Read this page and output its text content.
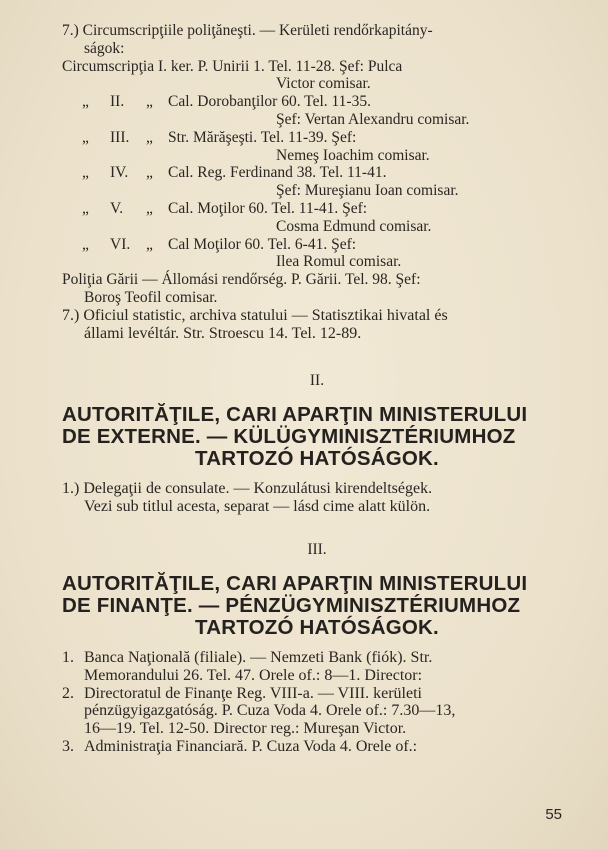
7.) Circumscripţiile poliţăneşti. — Kerületi rendőrkapitány-
ságok:
Circumscripţia I. ker. P. Unirii 1. Tel. 11-28. Şef: Pulca
Victor comisar.
„	II.	„ Cal. Dorobanţilor 60. Tel. 11-35.
Şef: Vertan Alexandru comisar.
„	III.	„ Str. Mărăşeşti. Tel. 11-39. Şef:
Nemeş Ioachim comisar.
„	IV.	„ Cal. Reg. Ferdinand 38. Tel. 11-41.
Şef: Mureşianu Ioan comisar.
„	V.	„ Cal. Moţilor 60. Tel. 11-41. Şef:
Cosma Edmund comisar.
„	VI.	„ Cal Moţilor 60. Tel. 6-41. Şef:
Ilea Romul comisar.
Poliţia Gării — Állomási rendőrség. P. Gării. Tel. 98. Şef:
Boroş Teofil comisar.
7.) Oficiul statistic, archiva statului — Statisztikai hivatal és
állami levéltár. Str. Stroescu 14. Tel. 12-89.
II.
AUTORITĂŢILE, CARI APARŢIN MINISTERULUI
DE EXTERNE. — KÜLÜGYMINISZTÉRIUMHOZ
TARTOZÓ HATÓSÁGOK.
1.) Delegaţii de consulate. — Konzulátusi kirendeltségek.
Vezi sub titlul acesta, separat — lásd cime alatt külön.
III.
AUTORITĂŢILE, CARI APARŢIN MINISTERULUI
DE FINANŢE. — PÉNZÜGYMINISZTÉRIUMHOZ
TARTOZÓ HATÓSÁGOK.
1. Banca Naţională (filiale). — Nemzeti Bank (fiók). Str.
Memorandului 26. Tel. 47. Orele of.: 8—1. Director:
2. Directoratul de Finanţe Reg. VIII-a. — VIII. kerületi
pénzügyigazgatóság. P. Cuza Voda 4. Orele of.: 7.30—13,
16—19. Tel. 12-50. Director reg.: Mureşan Victor.
3. Administraţia Financiară. P. Cuza Voda 4. Orele of.:
55
